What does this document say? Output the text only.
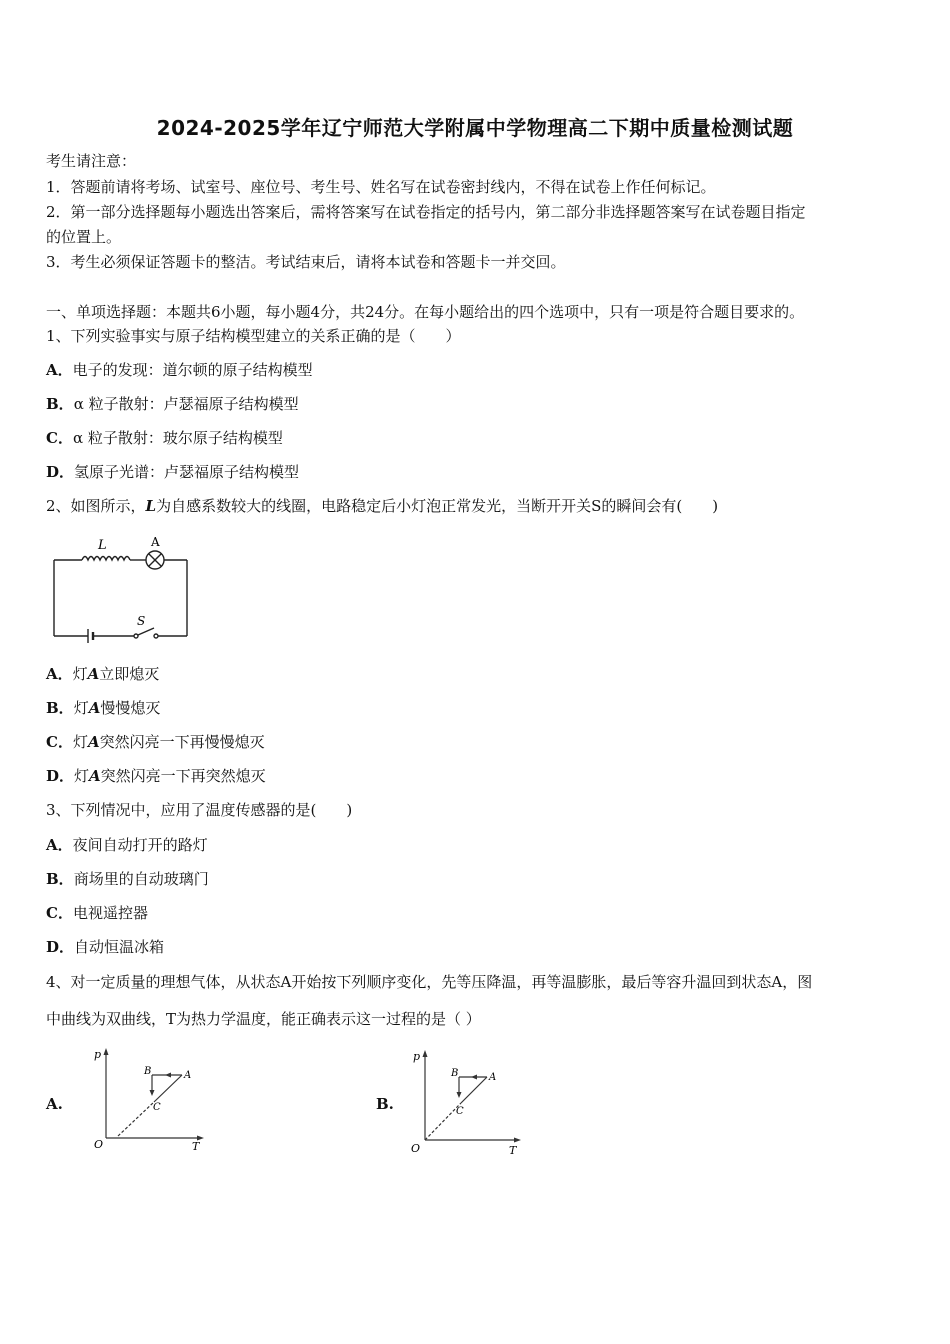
2024-2025学年辽宁师范大学附属中学物理高二下期中质量检测试题
考生请注意：
1．答题前请将考场、试室号、座位号、考生号、姓名写在试卷密封线内，不得在试卷上作任何标记。
2．第一部分选择题每小题选出答案后，需将答案写在试卷指定的括号内，第二部分非选择题答案写在试卷题目指定
的位置上。
3．考生必须保证答题卡的整洁。考试结束后，请将本试卷和答题卡一并交回。
一、单项选择题：本题共6小题，每小题4分，共24分。在每小题给出的四个选项中，只有一项是符合题目要求的。
1、下列实验事实与原子结构模型建立的关系正确的是（　　）
A．电子的发现：道尔顿的原子结构模型
B．α 粒子散射：卢瑟福原子结构模型
C．α 粒子散射：玻尔原子结构模型
D．氢原子光谱：卢瑟福原子结构模型
2、如图所示，L为自感系数较大的线圈，电路稳定后小灯泡正常发光，当断开开关S的瞬间会有(　　)
L	A
S
A．灯A立即熄灭
B．灯A慢慢熄灭
C．灯A突然闪亮一下再慢慢熄灭
D．灯A突然闪亮一下再突然熄灭
3、下列情况中，应用了温度传感器的是(　　)
A．夜间自动打开的路灯
B．商场里的自动玻璃门
C．电视遥控器
D．自动恒温冰箱
4、对一定质量的理想气体，从状态A开始按下列顺序变化，先等压降温，再等温膨胀，最后等容升温回到状态A，图
中曲线为双曲线，T为热力学温度，能正确表示这一过程的是（ ）
A.
p
T
O
A
B
C	B.
p
T
O
A
B
C
